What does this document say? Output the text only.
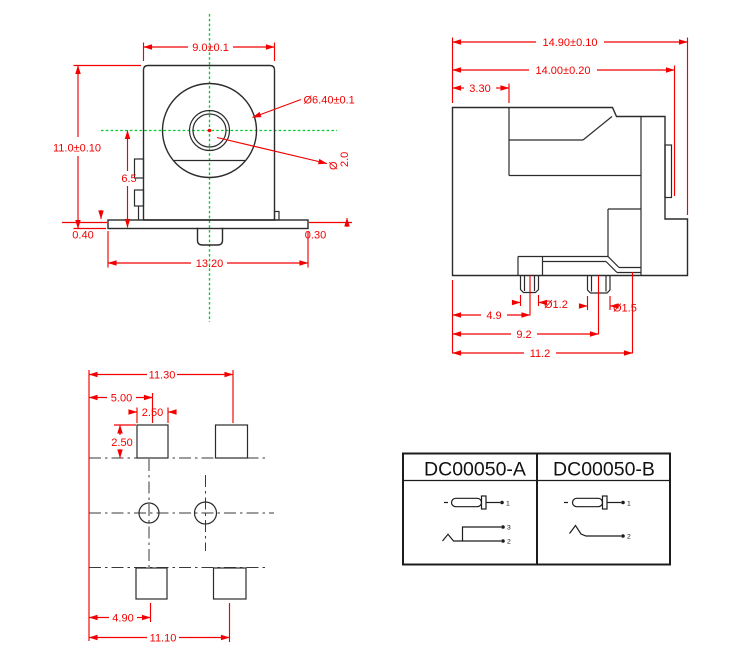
9.0±0.1
11.0±0.10
6.5
0.40	0.30
13.20
Ø6.40±0.1
Ø 2.0
14.90±0.10
14.00±0.20
3.30
4.9
Ø1.2	Ø1.5
9.2
11.2
11.30
5.00
2.50
2.50
4.90
11.10
DC00050-A DC00050-B
1
3
2
1
2
